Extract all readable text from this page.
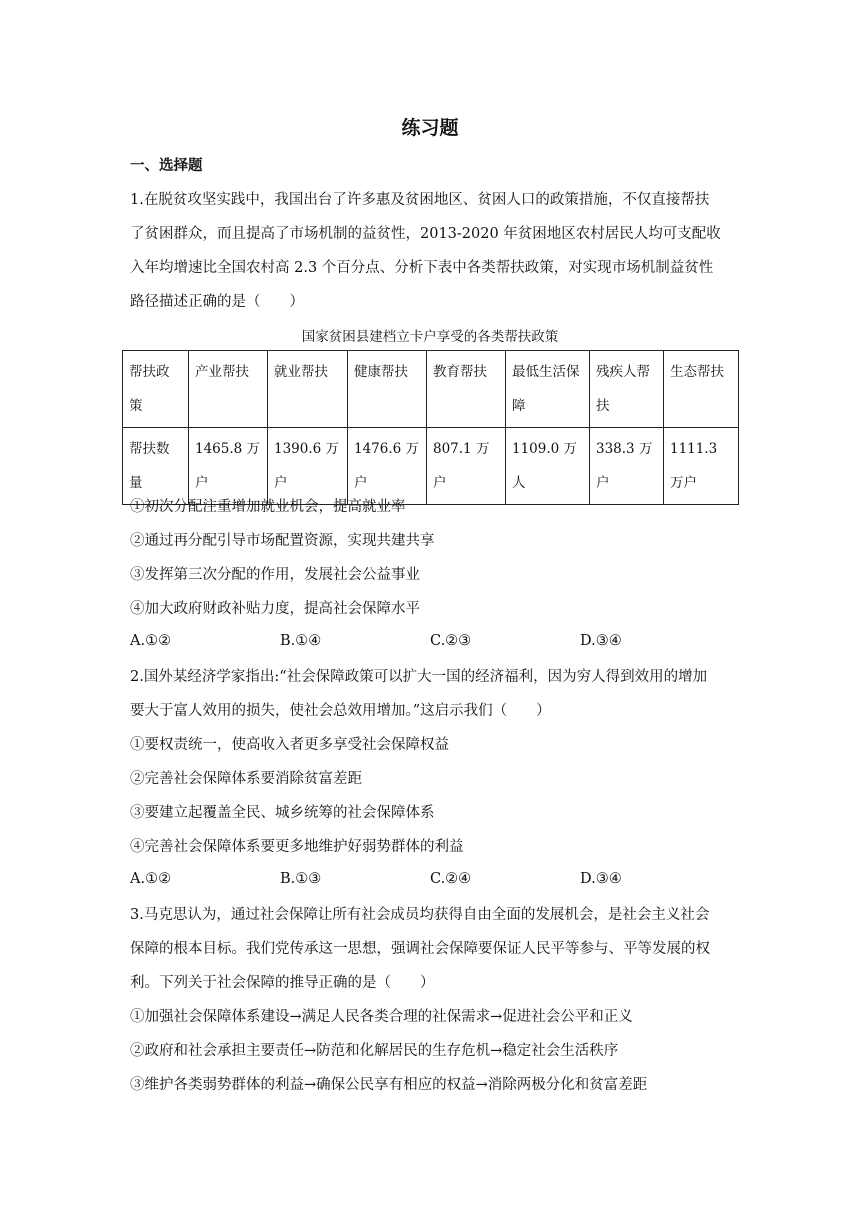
练习题
一、选择题
1.在脱贫攻坚实践中，我国出台了许多惠及贫困地区、贫困人口的政策措施，不仅直接帮扶
了贫困群众，而且提高了市场机制的益贫性，2013-2020 年贫困地区农村居民人均可支配收
入年均增速比全国农村高 2.3 个百分点、分析下表中各类帮扶政策，对实现市场机制益贫性
路径描述正确的是（　　）
国家贫困县建档立卡户享受的各类帮扶政策
帮扶政策	产业帮扶	就业帮扶	健康帮扶	教育帮扶	最低生活保障	残疾人帮扶	生态帮扶
帮扶数量	1465.8 万户	1390.6 万户	1476.6 万户	807.1 万户	1109.0 万人	338.3 万户	1111.3 万户
①初次分配注重增加就业机会，提高就业率
②通过再分配引导市场配置资源，实现共建共享
③发挥第三次分配的作用，发展社会公益事业
④加大政府财政补贴力度，提高社会保障水平
A.①②	B.①④	C.②③	D.③④
2.国外某经济学家指出:“社会保障政策可以扩大一国的经济福利，因为穷人得到效用的增加
要大于富人效用的损失，使社会总效用增加。”这启示我们（　　）
①要权责统一，使高收入者更多享受社会保障权益
②完善社会保障体系要消除贫富差距
③要建立起覆盖全民、城乡统筹的社会保障体系
④完善社会保障体系要更多地维护好弱势群体的利益
A.①②	B.①③	C.②④	D.③④
3.马克思认为，通过社会保障让所有社会成员均获得自由全面的发展机会，是社会主义社会
保障的根本目标。我们党传承这一思想，强调社会保障要保证人民平等参与、平等发展的权
利。下列关于社会保障的推导正确的是（　　）
①加强社会保障体系建设→满足人民各类合理的社保需求→促进社会公平和正义
②政府和社会承担主要责任→防范和化解居民的生存危机→稳定社会生活秩序
③维护各类弱势群体的利益→确保公民享有相应的权益→消除两极分化和贫富差距
